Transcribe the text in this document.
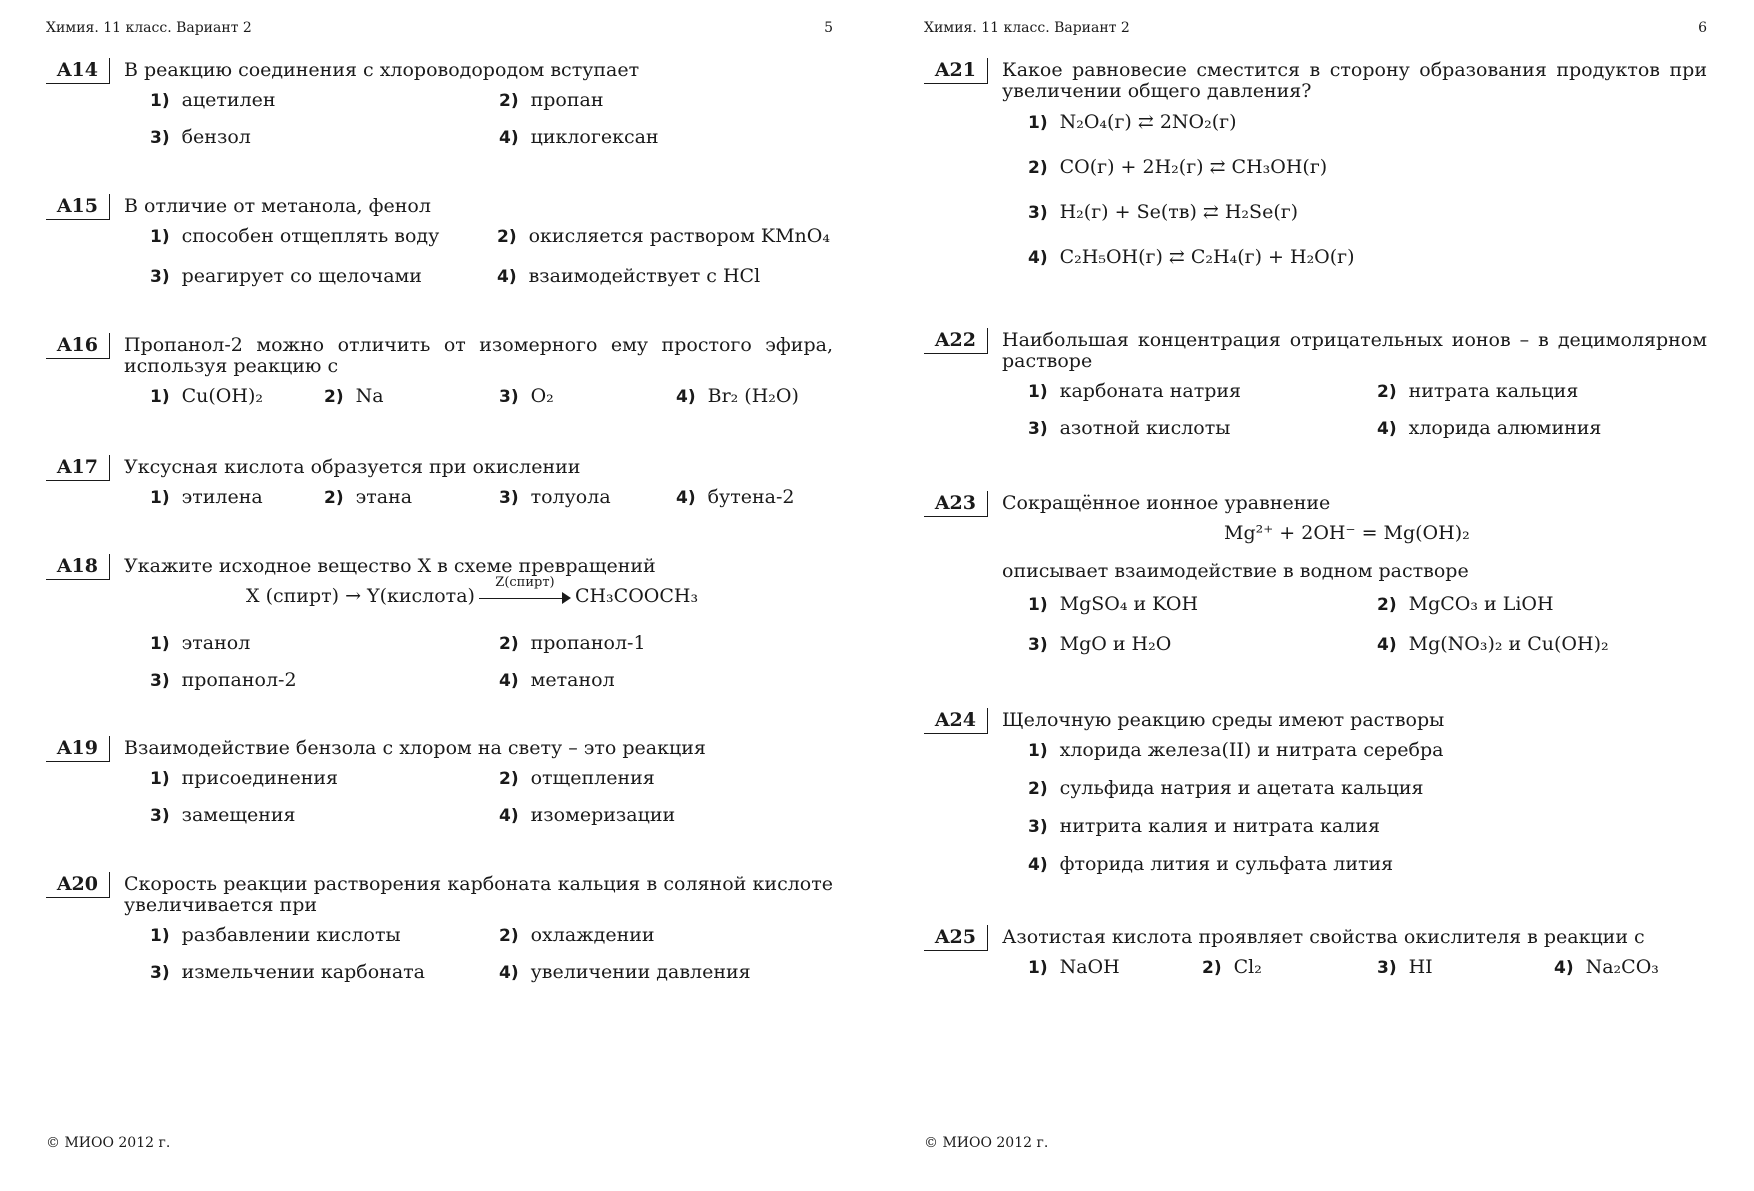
Химия. 11 класс. Вариант 2	5
A14	В реакцию соединения с хлороводородом вступает
1) ацетилен	2) пропан
3) бензол	4) циклогексан
A15	В отличие от метанола, фенол
1) способен отщеплять воду	2) окисляется раствором KMnO₄
3) реагирует со щелочами	4) взаимодействует с HCl
A16	Пропанол-2 можно отличить от изомерного ему простого эфира, используя реакцию с
1) Cu(OH)₂	2) Na	3) O₂	4) Br₂ (H₂O)
A17	Уксусная кислота образуется при окислении
1) этилена	2) этана	3) толуола	4) бутена-2
A18	Укажите исходное вещество X в схеме превращений
X (спирт) → Y(кислота)
Z(спирт)
CH₃COOCH₃
1) этанол	2) пропанол-1
3) пропанол-2	4) метанол
A19	Взаимодействие бензола с хлором на свету – это реакция
1) присоединения	2) отщепления
3) замещения	4) изомеризации
A20	Скорость реакции растворения карбоната кальция в соляной кислоте увеличивается при
1) разбавлении кислоты	2) охлаждении
3) измельчении карбоната	4) увеличении давления
© МИОО 2012 г.
Химия. 11 класс. Вариант 2	6
A21	Какое равновесие сместится в сторону образования продуктов при увеличении общего давления?
1) N₂O₄(г) ⇄ 2NO₂(г)
2) CO(г) + 2H₂(г) ⇄ CH₃OH(г)
3) H₂(г) + Se(тв) ⇄ H₂Se(г)
4) C₂H₅OH(г) ⇄ C₂H₄(г) + H₂O(г)
A22	Наибольшая концентрация отрицательных ионов – в децимолярном растворе
1) карбоната натрия	2) нитрата кальция
3) азотной кислоты	4) хлорида алюминия
A23	Сокращённое ионное уравнение
Mg²⁺ + 2OH⁻ = Mg(OH)₂
описывает взаимодействие в водном растворе
1) MgSO₄ и KOH	2) MgCO₃ и LiOH
3) MgO и H₂O	4) Mg(NO₃)₂ и Cu(OH)₂
A24	Щелочную реакцию среды имеют растворы
1) хлорида железа(II) и нитрата серебра
2) сульфида натрия и ацетата кальция
3) нитрита калия и нитрата калия
4) фторида лития и сульфата лития
A25	Азотистая кислота проявляет свойства окислителя в реакции с
1) NaOH	2) Cl₂	3) HI	4) Na₂CO₃
© МИОО 2012 г.
